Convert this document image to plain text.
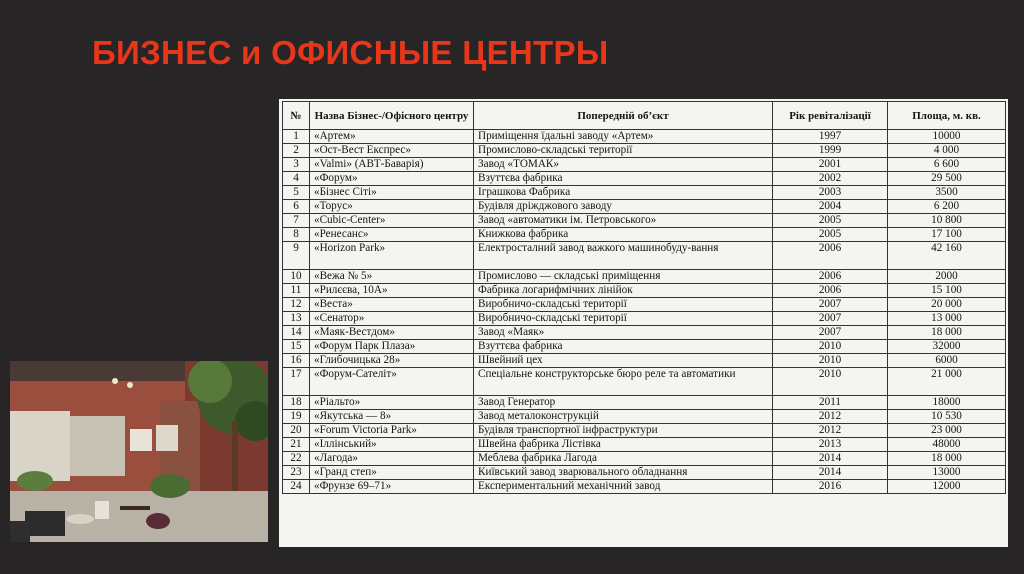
БИЗНЕС и ОФИСНЫЕ ЦЕНТРЫ
№	Назва Бізнес-/Офісного центру	Попередній об’єкт	Рік ревіталізації	Площа, м. кв.
1	«Артем»	Приміщення їдальні заводу «Артем»	1997	10000
2	«Ост-Вест Експрес»	Промислово-складські території	1999	4 000
3	«Valmi» (АВТ-Баварія)	Завод «ТОМАК»	2001	6 600
4	«Форум»	Взуттєва фабрика	2002	29 500
5	«Бізнес Сіті»	Іграшкова Фабрика	2003	3500
6	«Торус»	Будівля дріжджового заводу	2004	6 200
7	«Cubic-Center»	Завод «автоматики ім. Петровського»	2005	10 800
8	«Ренесанс»	Книжкова фабрика	2005	17 100
9	«Horizon Park»	Електросталний завод важкого машинобуду-вання	2006	42 160
10	«Вежа № 5»	Промислово — складські приміщення	2006	2000
11	«Рилєєва, 10А»	Фабрика логарифмічних лінійок	2006	15 100
12	«Веста»	Виробничо-складські території	2007	20 000
13	«Сенатор»	Виробничо-складські території	2007	13 000
14	«Маяк-Вестдом»	Завод «Маяк»	2007	18 000
15	«Форум Парк Плаза»	Взуттєва фабрика	2010	32000
16	«Глибочицька 28»	Швейний цех	2010	6000
17	«Форум-Сателіт»	Спеціальне конструкторське бюро реле та автоматики	2010	21 000
18	«Ріальто»	Завод Генератор	2011	18000
19	«Якутська — 8»	Завод металоконструкцій	2012	10 530
20	«Forum Victoria Park»	Будівля транспортної інфраструктури	2012	23 000
21	«Іллінський»	Швейна фабрика Лістівка	2013	48000
22	«Лагода»	Меблева фабрика Лагода	2014	18 000
23	«Гранд степ»	Київський завод зварювального обладнання	2014	13000
24	«Фрунзе 69–71»	Експериментальний механічний завод	2016	12000
